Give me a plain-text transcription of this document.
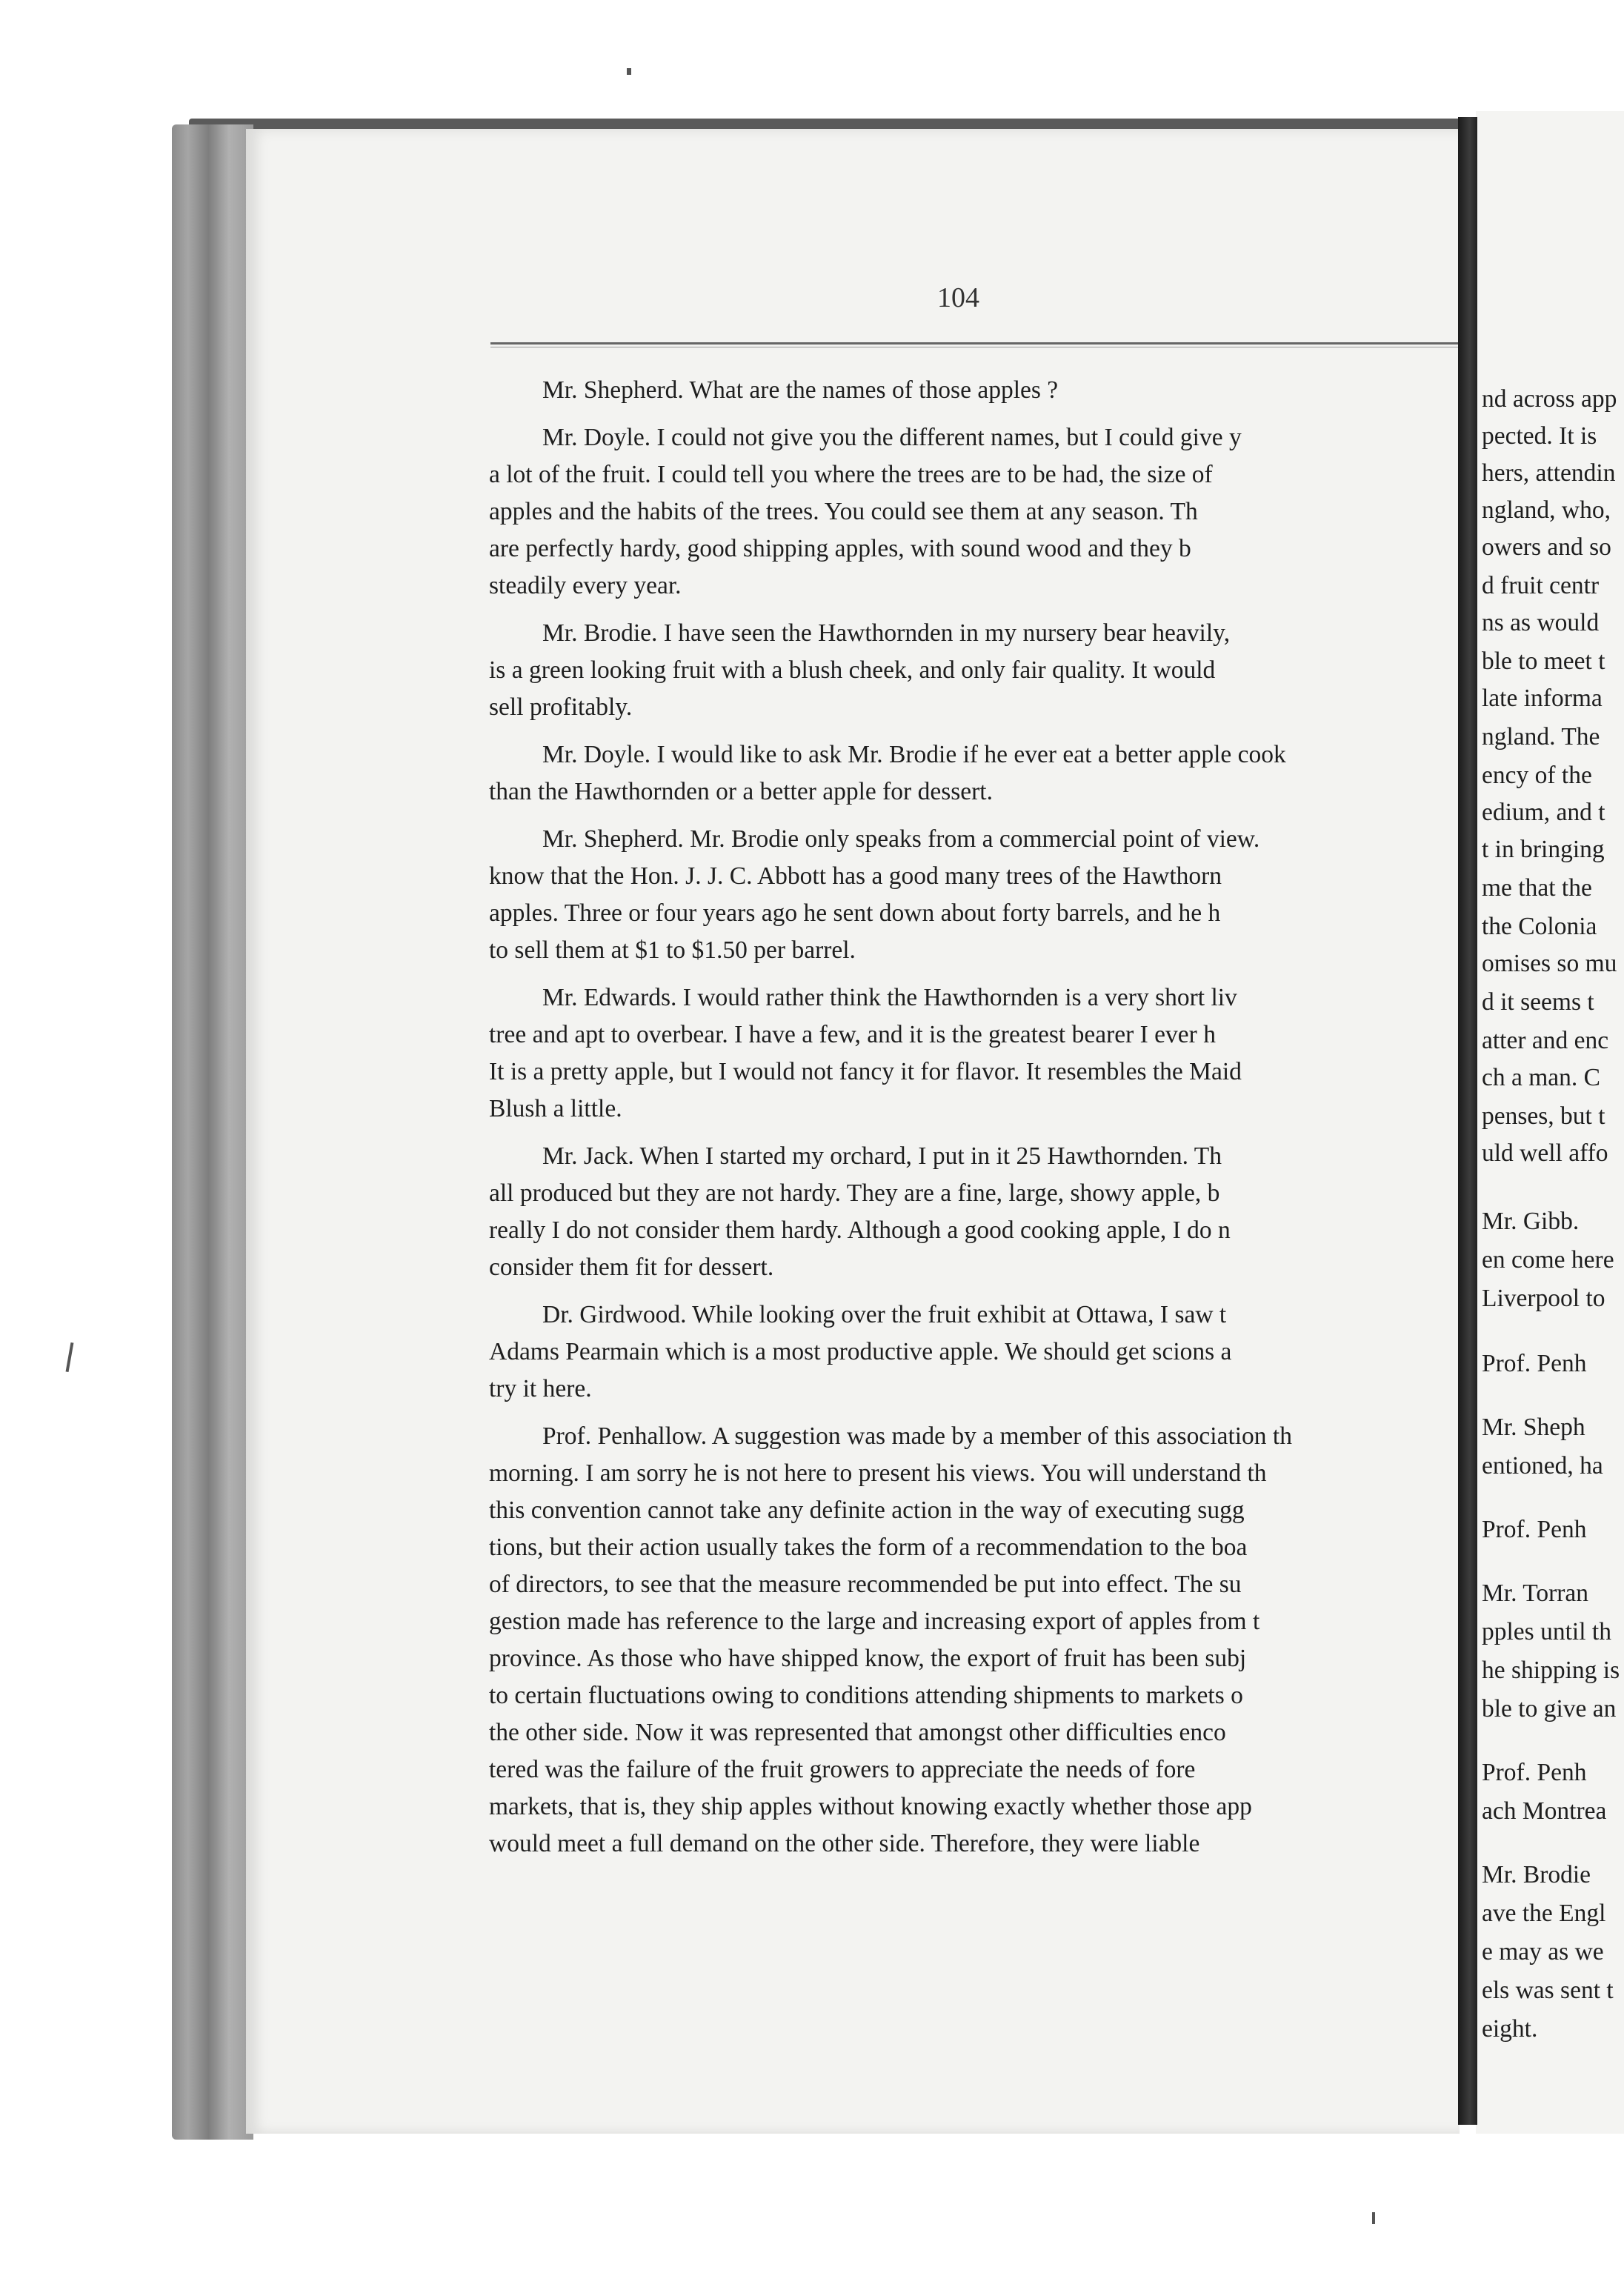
104
Mr. Shepherd. What are the names of those apples ?
Mr. Doyle. I could not give you the different names, but I could give y
a lot of the fruit. I could tell you where the trees are to be had, the size of
apples and the habits of the trees. You could see them at any season. Th
are perfectly hardy, good shipping apples, with sound wood and they b
steadily every year.
Mr. Brodie. I have seen the Hawthornden in my nursery bear heavily,
is a green looking fruit with a blush cheek, and only fair quality. It would
sell profitably.
Mr. Doyle. I would like to ask Mr. Brodie if he ever eat a better apple cook
than the Hawthornden or a better apple for dessert.
Mr. Shepherd. Mr. Brodie only speaks from a commercial point of view.
know that the Hon. J. J. C. Abbott has a good many trees of the Hawthorn
apples. Three or four years ago he sent down about forty barrels, and he h
to sell them at $1 to $1.50 per barrel.
Mr. Edwards. I would rather think the Hawthornden is a very short liv
tree and apt to overbear. I have a few, and it is the greatest bearer I ever h
It is a pretty apple, but I would not fancy it for flavor. It resembles the Maid
Blush a little.
Mr. Jack. When I started my orchard, I put in it 25 Hawthornden. Th
all produced but they are not hardy. They are a fine, large, showy apple, b
really I do not consider them hardy. Although a good cooking apple, I do n
consider them fit for dessert.
Dr. Girdwood. While looking over the fruit exhibit at Ottawa, I saw t
Adams Pearmain which is a most productive apple. We should get scions a
try it here.
Prof. Penhallow. A suggestion was made by a member of this association th
morning. I am sorry he is not here to present his views. You will understand th
this convention cannot take any definite action in the way of executing sugg
tions, but their action usually takes the form of a recommendation to the boa
of directors, to see that the measure recommended be put into effect. The su
gestion made has reference to the large and increasing export of apples from t
province. As those who have shipped know, the export of fruit has been subj
to certain fluctuations owing to conditions attending shipments to markets o
the other side. Now it was represented that amongst other difficulties enco
tered was the failure of the fruit growers to appreciate the needs of fore
markets, that is, they ship apples without knowing exactly whether those app
would meet a full demand on the other side. Therefore, they were liable
nd across app
pected. It is
hers, attendin
ngland, who,
owers and so
d fruit centr
ns as would
ble to meet t
late informa
ngland. The
ency of the
edium, and t
t in bringing
me that the
the Colonia
omises so mu
d it seems t
atter and enc
ch a man. C
penses, but t
uld well affo
Mr. Gibb.
en come here
Liverpool to
Prof. Penh
Mr. Sheph
entioned, ha
Prof. Penh
Mr. Torran
pples until th
he shipping is
ble to give an
Prof. Penh
ach Montrea
Mr. Brodie
ave the Engl
e may as we
els was sent t
eight.
